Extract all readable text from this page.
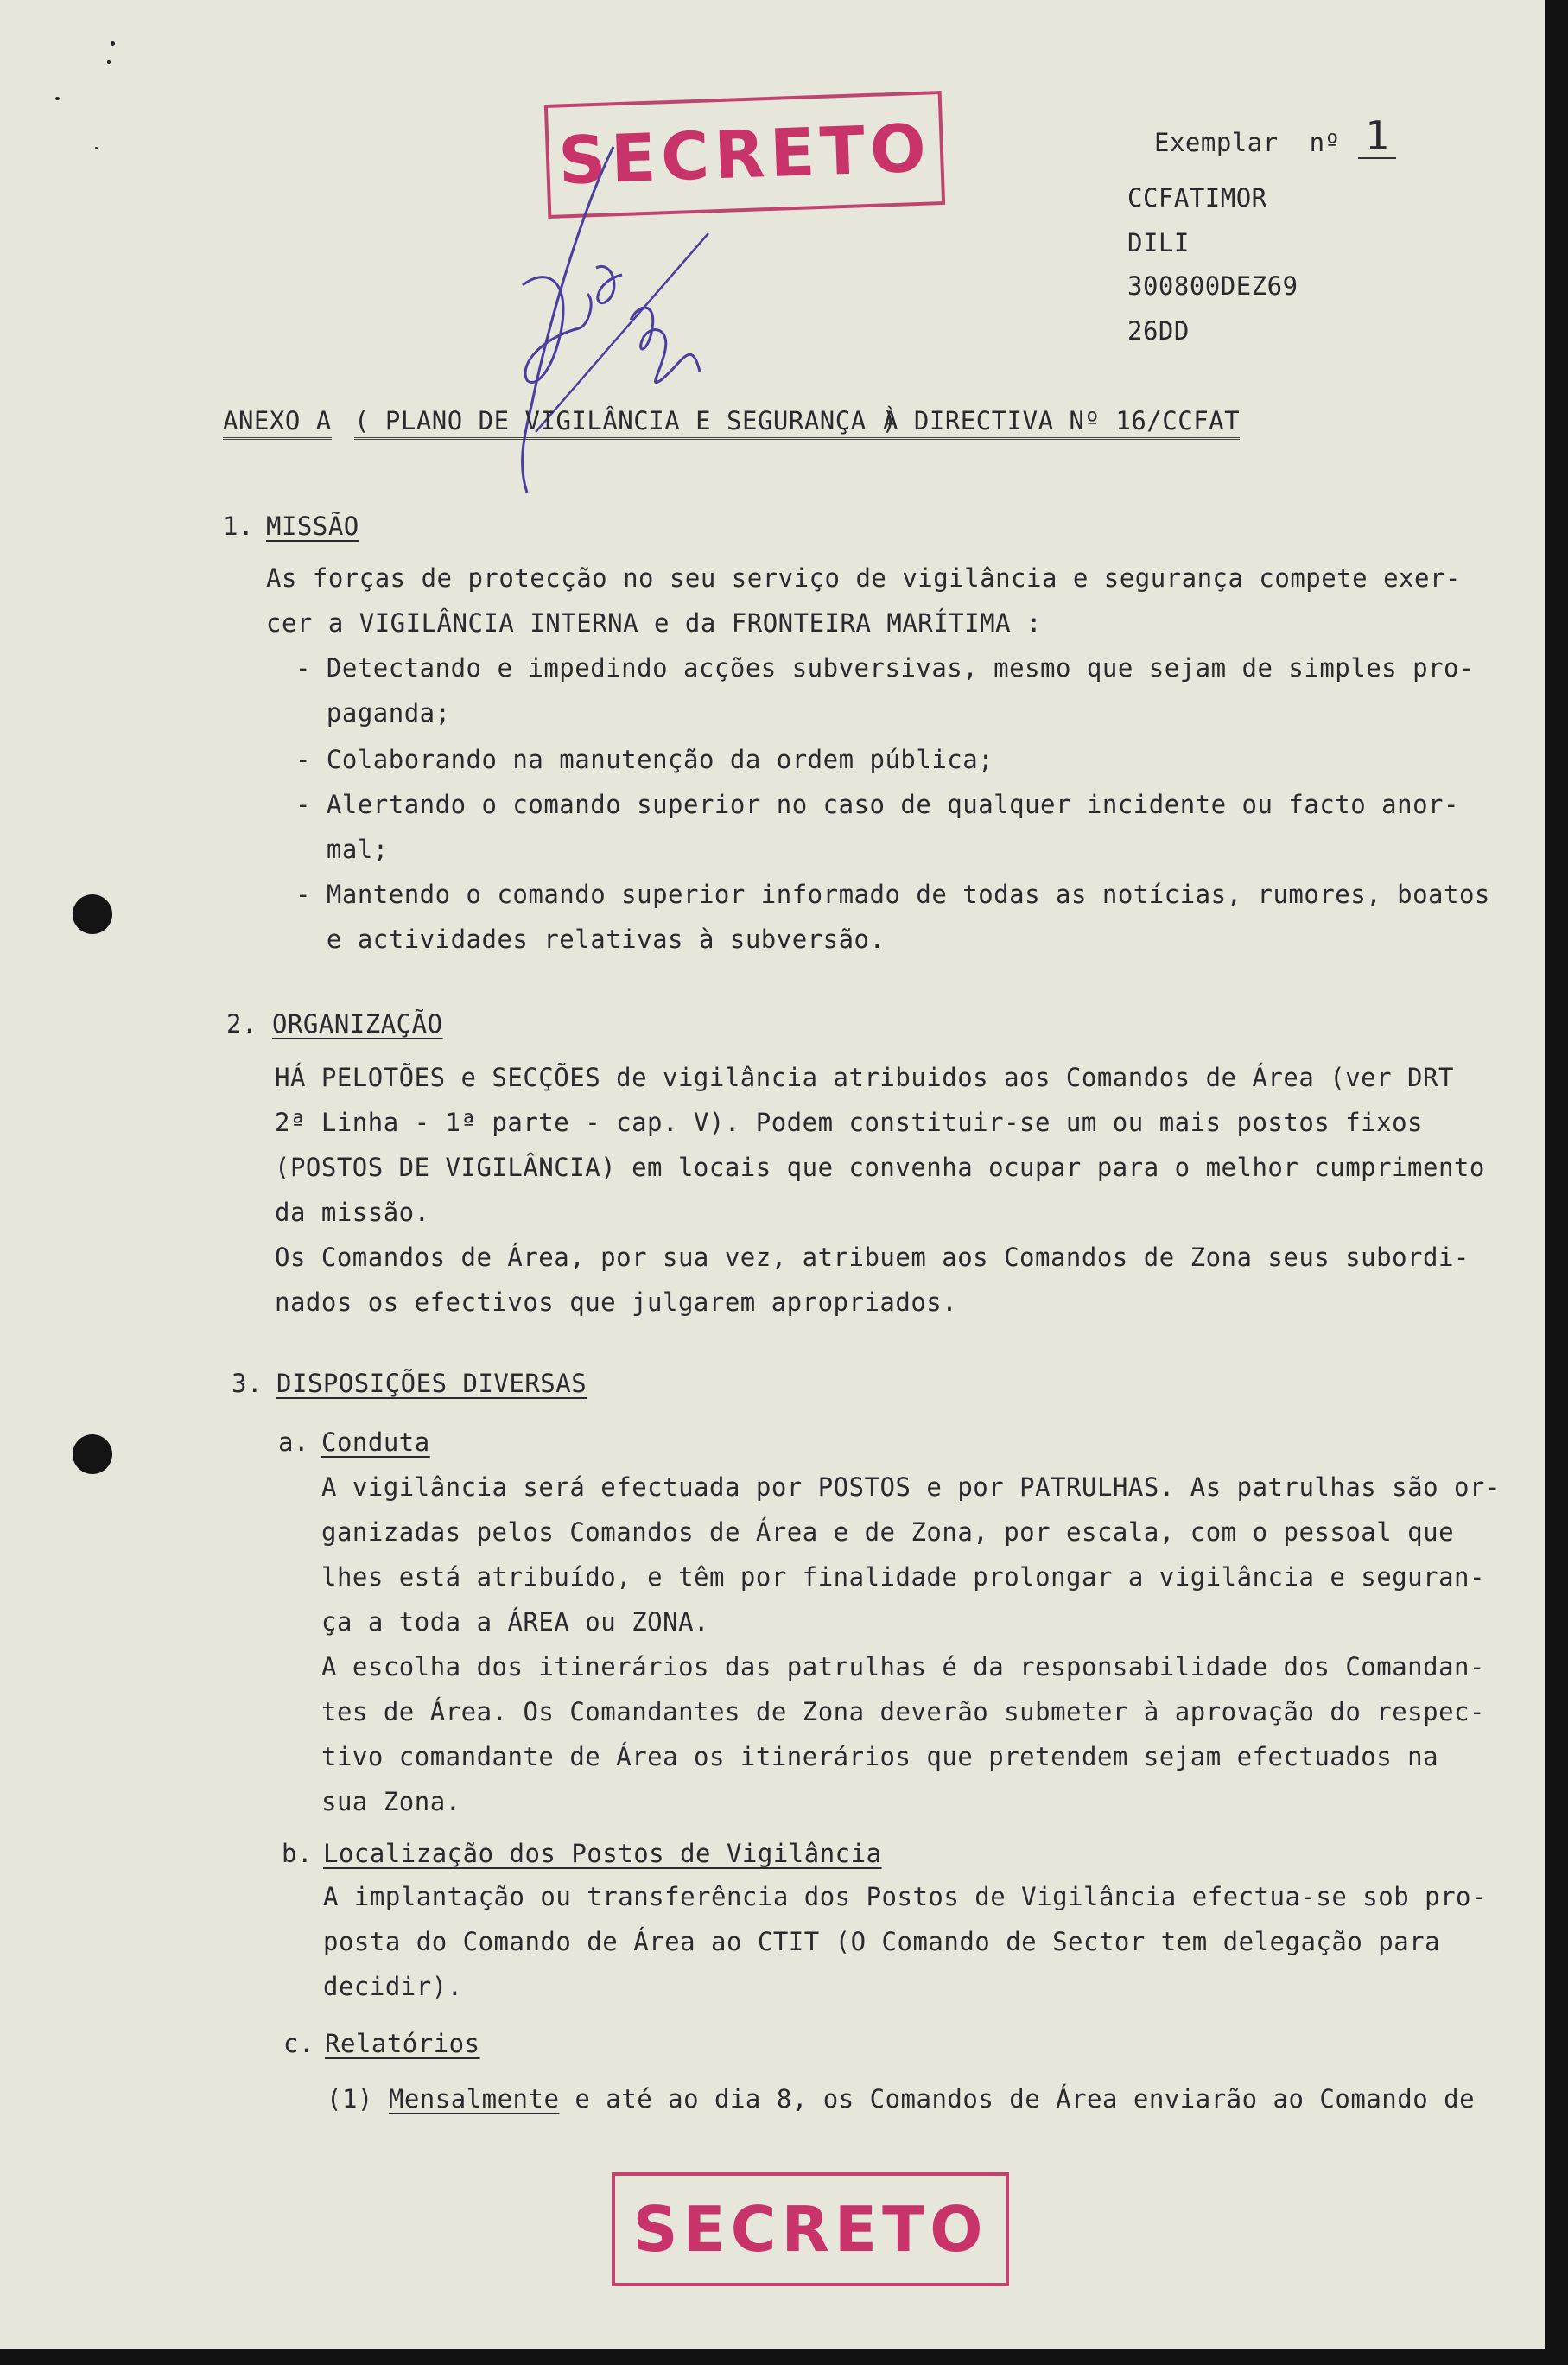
SECRETO	Exemplar  nº 1
CCFATIMOR
DILI
300800DEZ69
26DD
ANEXO A ( PLANO DE VIGILÂNCIA E SEGURANÇA )
À DIRECTIVA Nº 16/CCFAT
1. MISSÃO
As forças de protecção no seu serviço de vigilância e segurança compete exer-
cer a VIGILÂNCIA INTERNA e da FRONTEIRA MARÍTIMA :
- Detectando e impedindo acções subversivas, mesmo que sejam de simples pro-
paganda;
- Colaborando na manutenção da ordem pública;
- Alertando o comando superior no caso de qualquer incidente ou facto anor-
mal;
- Mantendo o comando superior informado de todas as notícias, rumores, boatos
e actividades relativas à subversão.
2. ORGANIZAÇÃO
HÁ PELOTÕES e SECÇÕES de vigilância atribuidos aos Comandos de Área (ver DRT
2ª Linha - 1ª parte - cap. V). Podem constituir-se um ou mais postos fixos
(POSTOS DE VIGILÂNCIA) em locais que convenha ocupar para o melhor cumprimento
da missão.
Os Comandos de Área, por sua vez, atribuem aos Comandos de Zona seus subordi-
nados os efectivos que julgarem apropriados.
3. DISPOSIÇÕES DIVERSAS
a. Conduta
A vigilância será efectuada por POSTOS e por PATRULHAS. As patrulhas são or-
ganizadas pelos Comandos de Área e de Zona, por escala, com o pessoal que
lhes está atribuído, e têm por finalidade prolongar a vigilância e seguran-
ça a toda a ÁREA ou ZONA.
A escolha dos itinerários das patrulhas é da responsabilidade dos Comandan-
tes de Área. Os Comandantes de Zona deverão submeter à aprovação do respec-
tivo comandante de Área os itinerários que pretendem sejam efectuados na
sua Zona.
b. Localização dos Postos de Vigilância
A implantação ou transferência dos Postos de Vigilância efectua-se sob pro-
posta do Comando de Área ao CTIT (O Comando de Sector tem delegação para
decidir).
c. Relatórios
(1) Mensalmente e até ao dia 8, os Comandos de Área enviarão ao Comando de
SECRETO
